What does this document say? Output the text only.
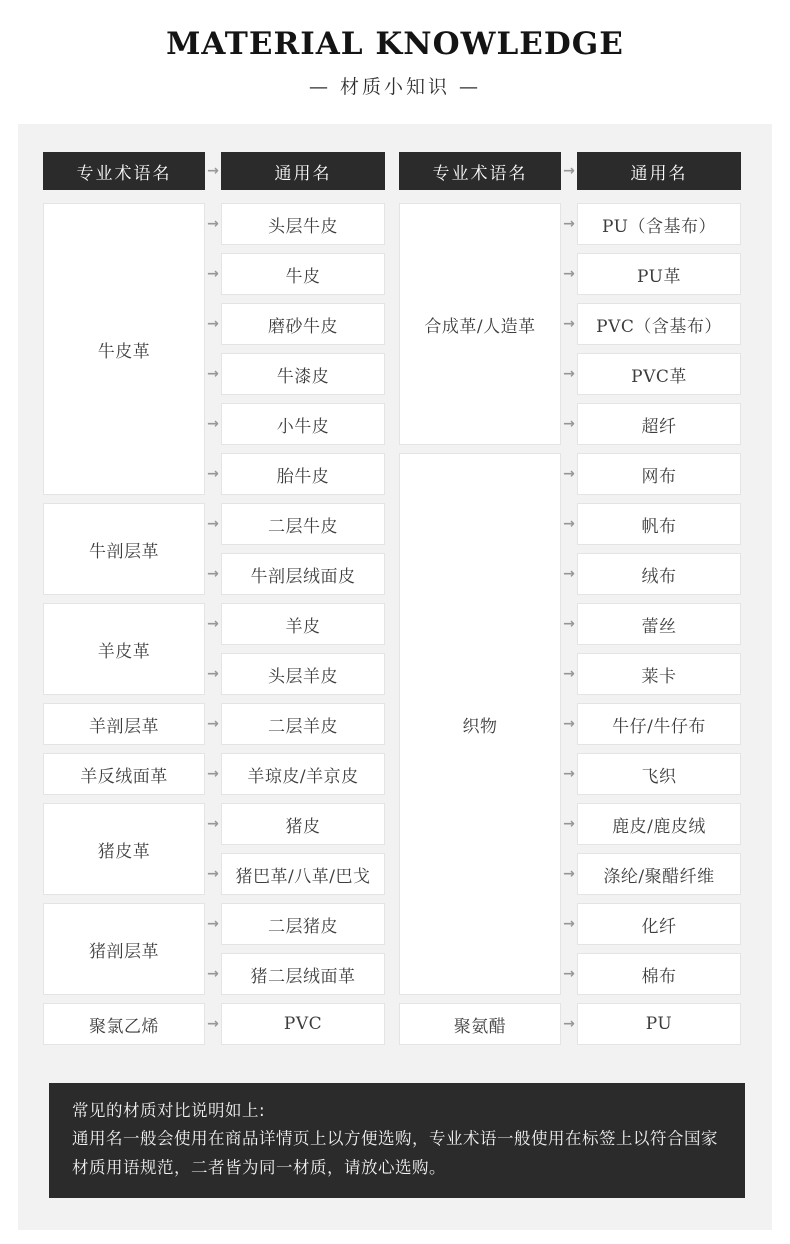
MATERIAL KNOWLEDGE
— 材质小知识 —
专业术语名	→	通用名
牛皮革
→	头层牛皮
→	牛皮
→	磨砂牛皮
→	牛漆皮
→	小牛皮
→	胎牛皮
牛剖层革
→	二层牛皮
→	牛剖层绒面皮
羊皮革
→	羊皮
→	头层羊皮
羊剖层革	→	二层羊皮
羊反绒面革	→	羊琼皮/羊京皮
猪皮革
→	猪皮
→ 猪巴革/八革/巴戈
猪剖层革
→	二层猪皮
→	猪二层绒面革
聚氯乙烯	→	PVC
专业术语名	→	通用名
合成革/人造革
→	PU（含基布）
→	PU革
→	PVC（含基布）
→	PVC革
→	超纤
织物
→	网布
→	帆布
→	绒布
→	蕾丝
→	莱卡
→	牛仔/牛仔布
→	飞织
→	鹿皮/鹿皮绒
→	涤纶/聚醋纤维
→	化纤
→	棉布
聚氨醋	→	PU
常见的材质对比说明如上:
通用名一般会使用在商品详情页上以方便选购，专业术语一般使用在标签上以符合国家材质用语规范，二者皆为同一材质，请放心选购。
